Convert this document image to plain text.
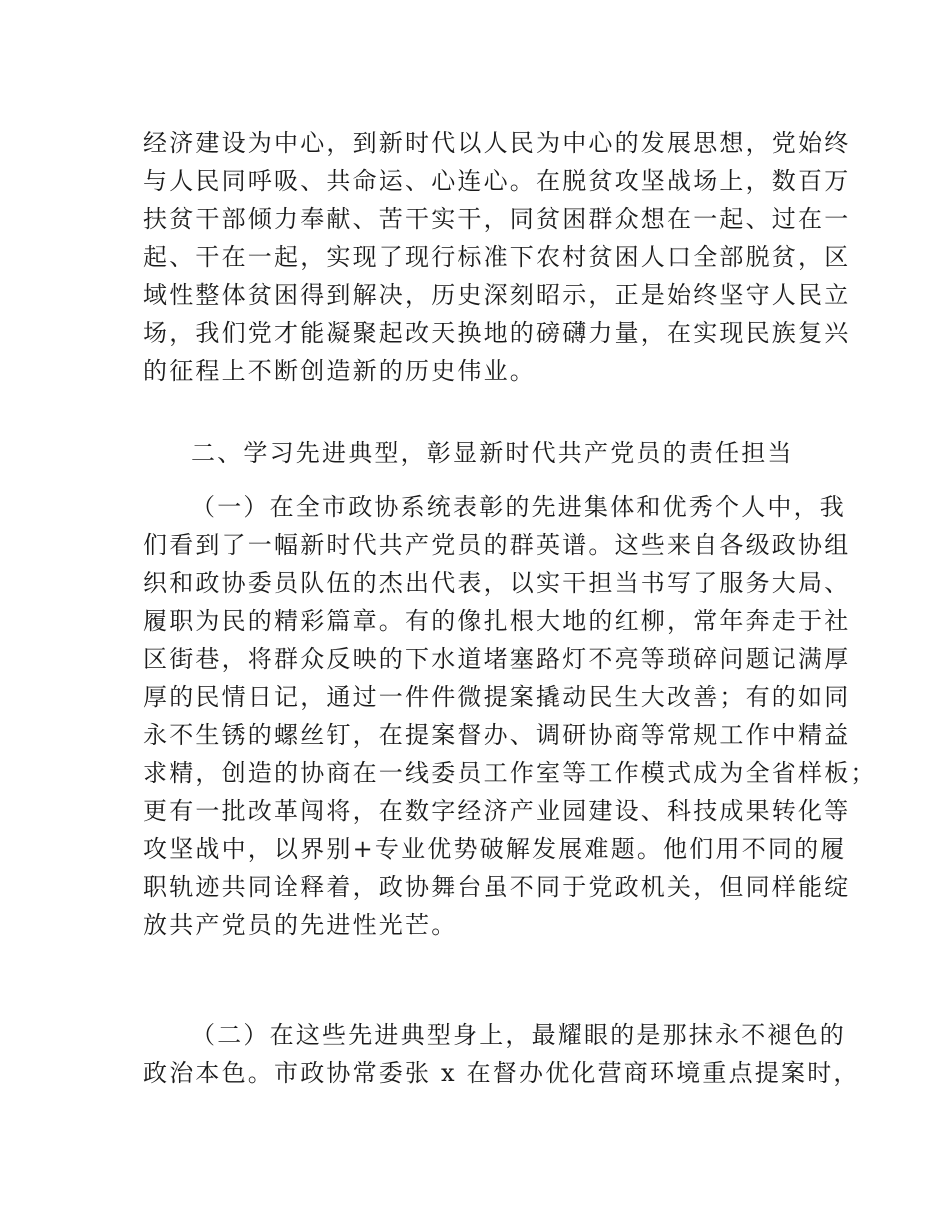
经济建设为中心，到新时代以人民为中心的发展思想，党始终
与人民同呼吸、共命运、心连心。在脱贫攻坚战场上，数百万
扶贫干部倾力奉献、苦干实干，同贫困群众想在一起、过在一
起、干在一起，实现了现行标准下农村贫困人口全部脱贫，区
域性整体贫困得到解决，历史深刻昭示，正是始终坚守人民立
场，我们党才能凝聚起改天换地的磅礴力量，在实现民族复兴
的征程上不断创造新的历史伟业。
二、学习先进典型，彰显新时代共产党员的责任担当
（一）在全市政协系统表彰的先进集体和优秀个人中，我
们看到了一幅新时代共产党员的群英谱。这些来自各级政协组
织和政协委员队伍的杰出代表，以实干担当书写了服务大局、
履职为民的精彩篇章。有的像扎根大地的红柳，常年奔走于社
区街巷，将群众反映的下水道堵塞路灯不亮等琐碎问题记满厚
厚的民情日记，通过一件件微提案撬动民生大改善；有的如同
永不生锈的螺丝钉，在提案督办、调研协商等常规工作中精益
求精，创造的协商在一线委员工作室等工作模式成为全省样板；
更有一批改革闯将，在数字经济产业园建设、科技成果转化等
攻坚战中，以界别+专业优势破解发展难题。他们用不同的履
职轨迹共同诠释着，政协舞台虽不同于党政机关，但同样能绽
放共产党员的先进性光芒。
（二）在这些先进典型身上，最耀眼的是那抹永不褪色的
政治本色。市政协常委张 x 在督办优化营商环境重点提案时，
